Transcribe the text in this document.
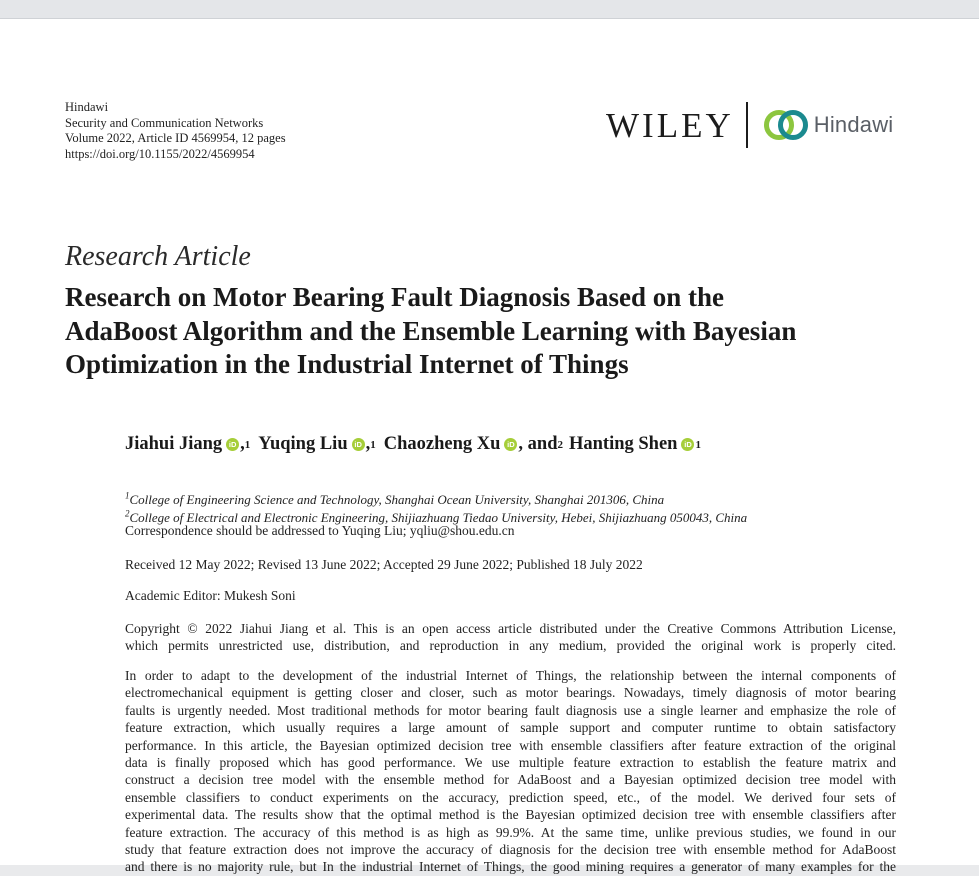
Hindawi
Security and Communication Networks
Volume 2022, Article ID 4569954, 12 pages
https://doi.org/10.1155/2022/4569954
WILEY	Hindawi
Research Article
Research on Motor Bearing Fault Diagnosis Based on the
AdaBoost Algorithm and the Ensemble Learning with Bayesian
Optimization in the Industrial Internet of Things
Jiahui Jiang iD , 1 Yuqing Liu iD , 1 Chaozheng Xu iD , and 2 Hanting Shen iD 1
$^1$College of Engineering Science and Technology, Shanghai Ocean University, Shanghai 201306, China
$^2$College of Electrical and Electronic Engineering, Shijiazhuang Tiedao University, Hebei, Shijiazhuang 050043, China
Correspondence should be addressed to Yuqing Liu; yqliu@shou.edu.cn
Received 12 May 2022; Revised 13 June 2022; Accepted 29 June 2022; Published 18 July 2022
Academic Editor: Mukesh Soni
Copyright © 2022 Jiahui Jiang et al. This is an open access article distributed under the Creative Commons Attribution License,
which permits unrestricted use, distribution, and reproduction in any medium, provided the original work is properly cited.
In order to adapt to the development of the industrial Internet of Things, the relationship between the internal components of
electromechanical equipment is getting closer and closer, such as motor bearings. Nowadays, timely diagnosis of motor bearing
faults is urgently needed. Most traditional methods for motor bearing fault diagnosis use a single learner and emphasize the role of
feature extraction, which usually requires a large amount of sample support and computer runtime to obtain satisfactory
performance. In this article, the Bayesian optimized decision tree with ensemble classifiers after feature extraction of the original
data is finally proposed which has good performance. We use multiple feature extraction to establish the feature matrix and
construct a decision tree model with the ensemble method for AdaBoost and a Bayesian optimized decision tree model with
ensemble classifiers to conduct experiments on the accuracy, prediction speed, etc., of the model. We derived four sets of
experimental data. The results show that the optimal method is the Bayesian optimized decision tree with ensemble classifiers after
feature extraction. The accuracy of this method is as high as 99.9%. At the same time, unlike previous studies, we found in our
study that feature extraction does not improve the accuracy of diagnosis for the decision tree with ensemble method for AdaBoost
and there is no majority rule, but In the industrial Internet of Things, the good mining requires a generator of many examples for the
